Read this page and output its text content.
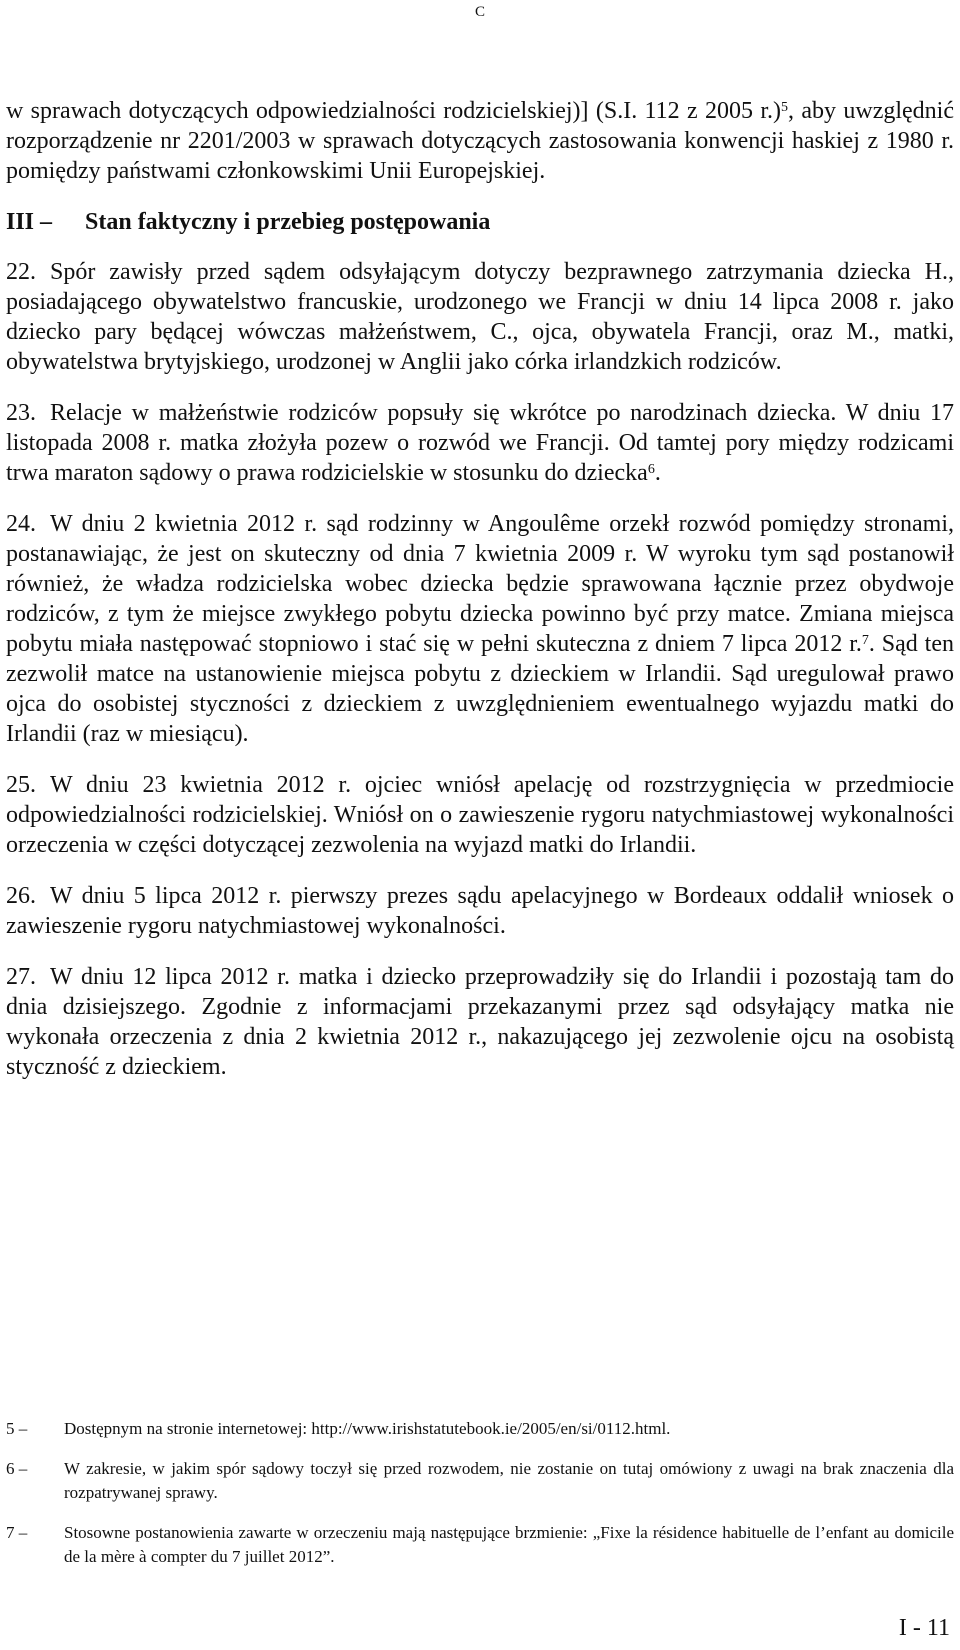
C

w sprawach dotyczących odpowiedzialności rodzicielskiej)] (S.I. 112 z 2005 r.)$^5$, aby uwzględnić rozporządzenie nr 2201/2003 w sprawach dotyczących zastosowania konwencji haskiej z 1980 r. pomiędzy państwami członkowskimi Unii Europejskiej.

III – Stan faktyczny i przebieg postępowania

22. Spór zawisły przed sądem odsyłającym dotyczy bezprawnego zatrzymania dziecka H., posiadającego obywatelstwo francuskie, urodzonego we Francji w dniu 14 lipca 2008 r. jako dziecko pary będącej wówczas małżeństwem, C., ojca, obywatela Francji, oraz M., matki, obywatelstwa brytyjskiego, urodzonej w Anglii jako córka irlandzkich rodziców.

23. Relacje w małżeństwie rodziców popsuły się wkrótce po narodzinach dziecka. W dniu 17 listopada 2008 r. matka złożyła pozew o rozwód we Francji. Od tamtej pory między rodzicami trwa maraton sądowy o prawa rodzicielskie w stosunku do dziecka$^6$.

24. W dniu 2 kwietnia 2012 r. sąd rodzinny w Angoulême orzekł rozwód pomiędzy stronami, postanawiając, że jest on skuteczny od dnia 7 kwietnia 2009 r. W wyroku tym sąd postanowił również, że władza rodzicielska wobec dziecka będzie sprawowana łącznie przez obydwoje rodziców, z tym że miejsce zwykłego pobytu dziecka powinno być przy matce. Zmiana miejsca pobytu miała następować stopniowo i stać się w pełni skuteczna z dniem 7 lipca 2012 r.$^7$. Sąd ten zezwolił matce na ustanowienie miejsca pobytu z dzieckiem w Irlandii. Sąd uregulował prawo ojca do osobistej styczności z dzieckiem z uwzględnieniem ewentualnego wyjazdu matki do Irlandii (raz w miesiącu).

25. W dniu 23 kwietnia 2012 r. ojciec wniósł apelację od rozstrzygnięcia w przedmiocie odpowiedzialności rodzicielskiej. Wniósł on o zawieszenie rygoru natychmiastowej wykonalności orzeczenia w części dotyczącej zezwolenia na wyjazd matki do Irlandii.

26. W dniu 5 lipca 2012 r. pierwszy prezes sądu apelacyjnego w Bordeaux oddalił wniosek o zawieszenie rygoru natychmiastowej wykonalności.

27. W dniu 12 lipca 2012 r. matka i dziecko przeprowadziły się do Irlandii i pozostają tam do dnia dzisiejszego. Zgodnie z informacjami przekazanymi przez sąd odsyłający matka nie wykonała orzeczenia z dnia 2 kwietnia 2012 r., nakazującego jej zezwolenie ojcu na osobistą styczność z dzieckiem.

5 –	Dostępnym na stronie internetowej: http://www.irishstatutebook.ie/2005/en/si/0112.html.
6 –	W zakresie, w jakim spór sądowy toczył się przed rozwodem, nie zostanie on tutaj omówiony z uwagi na brak znaczenia dla rozpatrywanej sprawy.
7 –	Stosowne postanowienia zawarte w orzeczeniu mają następujące brzmienie: „Fixe la résidence habituelle de l’enfant au domicile de la mère à compter du 7 juillet 2012”.
I - 11
